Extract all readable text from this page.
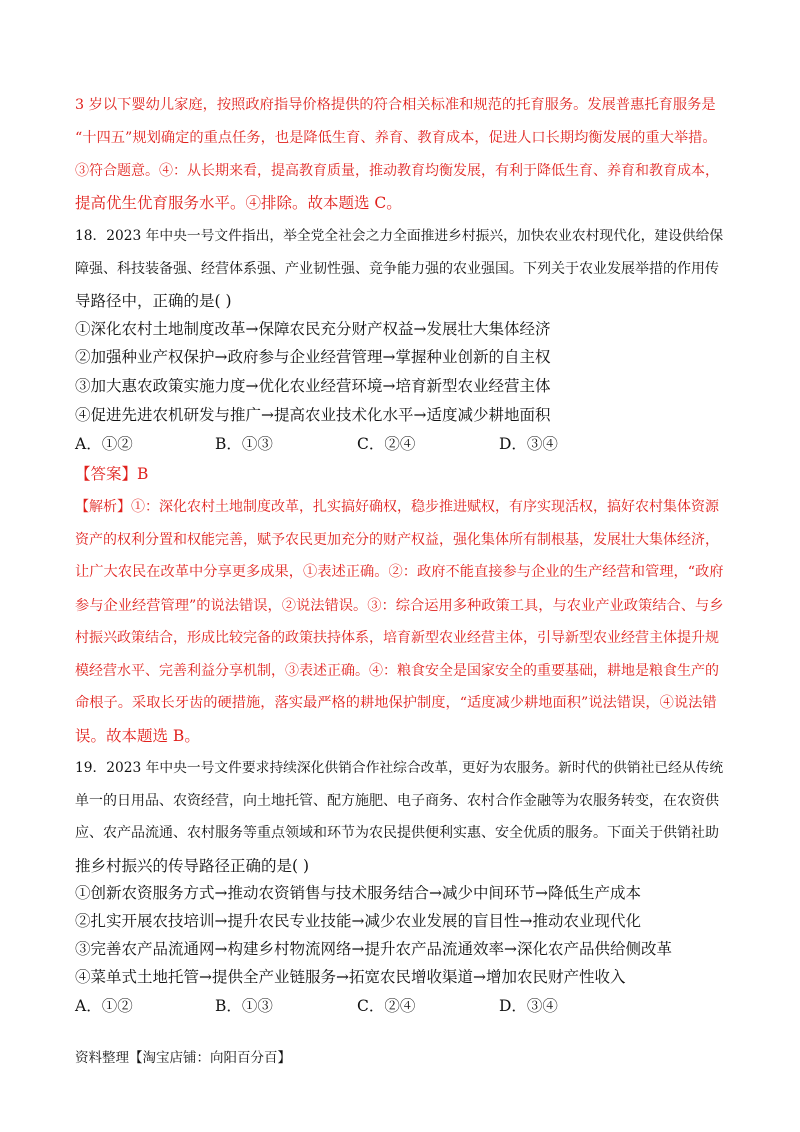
3 岁以下婴幼儿家庭，按照政府指导价格提供的符合相关标准和规范的托育服务。发展普惠托育服务是
“十四五”规划确定的重点任务，也是降低生育、养育、教育成本，促进人口长期均衡发展的重大举措。
③符合题意。④：从长期来看，提高教育质量，推动教育均衡发展，有利于降低生育、养育和教育成本，
提高优生优育服务水平。④排除。故本题选 C。
18．2023 年中央一号文件指出，举全党全社会之力全面推进乡村振兴，加快农业农村现代化，建设供给保
障强、科技装备强、经营体系强、产业韧性强、竞争能力强的农业强国。下列关于农业发展举措的作用传
导路径中，正确的是( )
①深化农村土地制度改革→保障农民充分财产权益→发展壮大集体经济
②加强种业产权保护→政府参与企业经营管理→掌握种业创新的自主权
③加大惠农政策实施力度→优化农业经营环境→培育新型农业经营主体
④促进先进农机研发与推广→提高农业技术化水平→适度减少耕地面积
A．①②	B．①③	C．②④	D．③④
【答案】B
【解析】①：深化农村土地制度改革，扎实搞好确权，稳步推进赋权，有序实现活权，搞好农村集体资源
资产的权利分置和权能完善，赋予农民更加充分的财产权益，强化集体所有制根基，发展壮大集体经济，
让广大农民在改革中分享更多成果，①表述正确。②：政府不能直接参与企业的生产经营和管理，“政府
参与企业经营管理”的说法错误，②说法错误。③：综合运用多种政策工具，与农业产业政策结合、与乡
村振兴政策结合，形成比较完备的政策扶持体系，培育新型农业经营主体，引导新型农业经营主体提升规
模经营水平、完善利益分享机制，③表述正确。④：粮食安全是国家安全的重要基础，耕地是粮食生产的
命根子。采取长牙齿的硬措施，落实最严格的耕地保护制度，“适度减少耕地面积”说法错误，④说法错
误。故本题选 B。
19．2023 年中央一号文件要求持续深化供销合作社综合改革，更好为农服务。新时代的供销社已经从传统
单一的日用品、农资经营，向土地托管、配方施肥、电子商务、农村合作金融等为农服务转变，在农资供
应、农产品流通、农村服务等重点领域和环节为农民提供便利实惠、安全优质的服务。下面关于供销社助
推乡村振兴的传导路径正确的是( )
①创新农资服务方式→推动农资销售与技术服务结合→减少中间环节→降低生产成本
②扎实开展农技培训→提升农民专业技能→减少农业发展的盲目性→推动农业现代化
③完善农产品流通网→构建乡村物流网络→提升农产品流通效率→深化农产品供给侧改革
④菜单式土地托管→提供全产业链服务→拓宽农民增收渠道→增加农民财产性收入
A．①②	B．①③	C．②④	D．③④
资料整理【淘宝店铺：向阳百分百】
